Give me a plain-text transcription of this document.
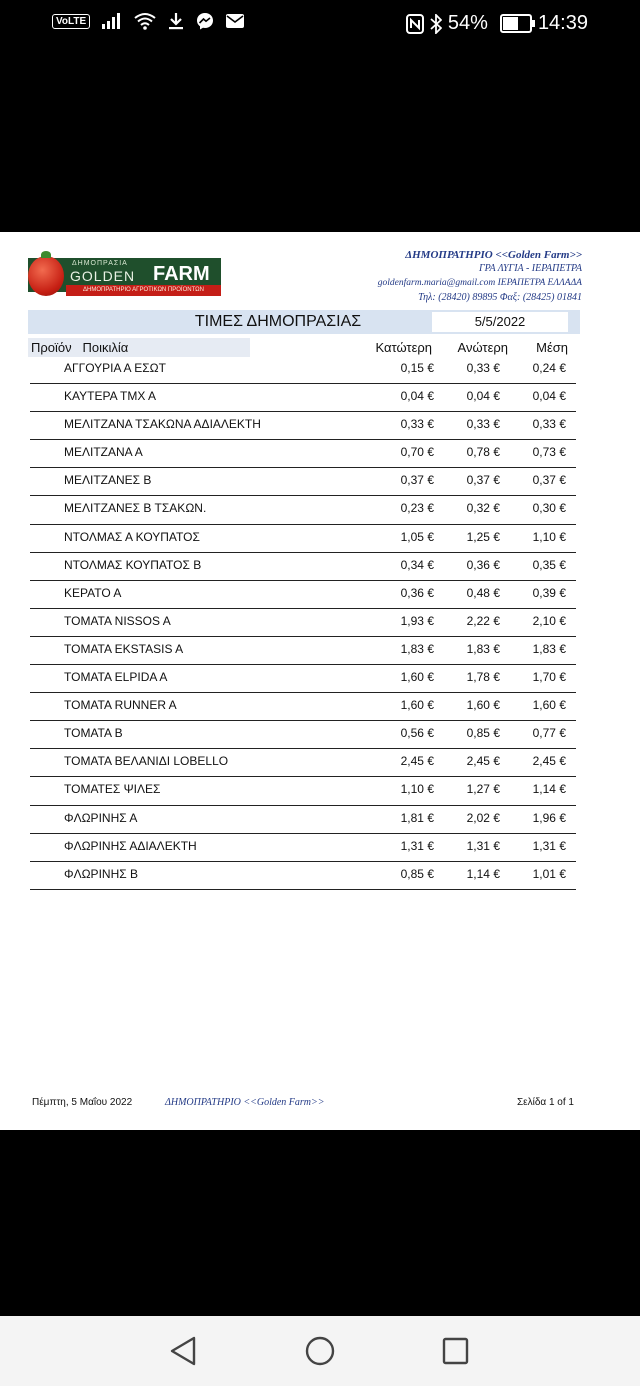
VoLTE	54%	14:39
ΔΗΜΟΠΡΑΣΙΑ
GOLDEN FARM
ΔΗΜΟΠΡΑΤΗΡΙΟ ΑΓΡΟΤΙΚΩΝ ΠΡΟΪΟΝΤΩΝ
ΔΗΜΟΠΡΑΤΗΡΙΟ <<Golden Farm>>
ΓΡΑ ΛΥΓΙΑ - ΙΕΡΑΠΕΤΡΑ
goldenfarm.maria@gmail.com ΙΕΡΑΠΕΤΡΑ ΕΛΛΑΔΑ
Τηλ: (28420) 89895 Φαξ: (28425) 01841
ΤΙΜΕΣ ΔΗΜΟΠΡΑΣΙΑΣ	5/5/2022
Προϊόν Ποικιλία	Κατώτερη Ανώτερη Μέση
ΑΓΓΟΥΡΙΑ Α ΕΣΩΤ	0,15 €	0,33 €	0,24 €
ΚΑΥΤΕΡΑ ΤΜΧ Α	0,04 €	0,04 €	0,04 €
ΜΕΛΙΤΖΑΝΑ ΤΣΑΚΩΝΑ ΑΔΙΑΛΕΚΤΗ	0,33 €	0,33 €	0,33 €
ΜΕΛΙΤΖΑΝΑ Α	0,70 €	0,78 €	0,73 €
ΜΕΛΙΤΖΑΝΕΣ Β	0,37 €	0,37 €	0,37 €
ΜΕΛΙΤΖΑΝΕΣ Β ΤΣΑΚΩΝ.	0,23 €	0,32 €	0,30 €
ΝΤΟΛΜΑΣ Α ΚΟΥΠΑΤΟΣ	1,05 €	1,25 €	1,10 €
ΝΤΟΛΜΑΣ ΚΟΥΠΑΤΟΣ Β	0,34 €	0,36 €	0,35 €
ΚΕΡΑΤΟ Α	0,36 €	0,48 €	0,39 €
ΤΟΜΑΤΑ NISSOS A	1,93 €	2,22 €	2,10 €
ΤΟΜΑΤΑ EKSTASIS A	1,83 €	1,83 €	1,83 €
ΤΟΜΑΤΑ ELPIDA A	1,60 €	1,78 €	1,70 €
ΤΟΜΑΤΑ RUNNER A	1,60 €	1,60 €	1,60 €
ΤΟΜΑΤΑ Β	0,56 €	0,85 €	0,77 €
ΤΟΜΑΤΑ ΒΕΛΑΝΙΔΙ LOBELLO	2,45 €	2,45 €	2,45 €
ΤΟΜΑΤΕΣ ΨΙΛΕΣ	1,10 €	1,27 €	1,14 €
ΦΛΩΡΙΝΗΣ Α	1,81 €	2,02 €	1,96 €
ΦΛΩΡΙΝΗΣ ΑΔΙΑΛΕΚΤΗ	1,31 €	1,31 €	1,31 €
ΦΛΩΡΙΝΗΣ Β	0,85 €	1,14 €	1,01 €
Πέμπτη, 5 Μαΐου 2022	ΔΗΜΟΠΡΑΤΗΡΙΟ <<Golden Farm>>	Σελίδα 1 of 1
